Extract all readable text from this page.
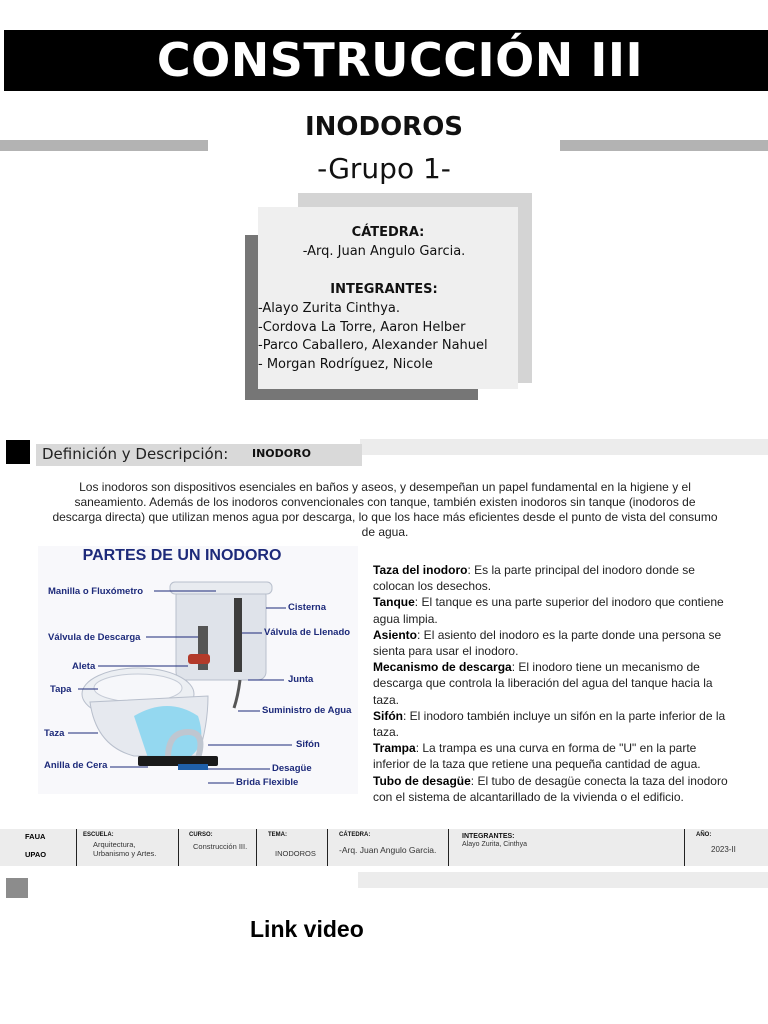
CONSTRUCCIÓN III
INODOROS
-Grupo 1-
CÁTEDRA:
-Arq. Juan Angulo Garcia.
INTEGRANTES:
-Alayo Zurita Cinthya.
-Cordova La Torre, Aaron Helber
-Parco Caballero, Alexander Nahuel
- Morgan Rodríguez, Nicole
Definición y Descripción: INODORO
Los inodoros son dispositivos esenciales en baños y aseos, y desempeñan un papel fundamental en la higiene y el saneamiento. Además de los inodoros convencionales con tanque, también existen inodoros sin tanque (inodoros de descarga directa) que utilizan menos agua por descarga, lo que los hace más eficientes desde el punto de vista del consumo de agua.
PARTES DE UN INODORO
Manilla o Fluxómetro
Válvula de Descarga
Aleta
Tapa
Taza
Anilla de Cera
Cisterna
Válvula de Llenado
Junta
Suministro de Agua
Sifón
Desagüe
Brida Flexible

Taza del inodoro: Es la parte principal del inodoro donde se colocan los desechos.

Tanque: El tanque es una parte superior del inodoro que contiene agua limpia.

Asiento: El asiento del inodoro es la parte donde una persona se sienta para usar el inodoro.

Mecanismo de descarga: El inodoro tiene un mecanismo de descarga que controla la liberación del agua del tanque hacia la taza.

Sifón: El inodoro también incluye un sifón en la parte inferior de la taza.

Trampa: La trampa es una curva en forma de "U" en la parte inferior de la taza que retiene una pequeña cantidad de agua.

Tubo de desagüe: El tubo de desagüe conecta la taza del inodoro con el sistema de alcantarillado de la vivienda o el edificio.

FAUA
UPAO
ESCUELA:
Arquitectura,
Urbanismo y Artes.
CURSO:
Construcción III.
TEMA:
INODOROS
CÁTEDRA:
-Arq. Juan Angulo Garcia.
INTEGRANTES:
Alayo Zurita, Cinthya
AÑO:
2023-II
Link video
